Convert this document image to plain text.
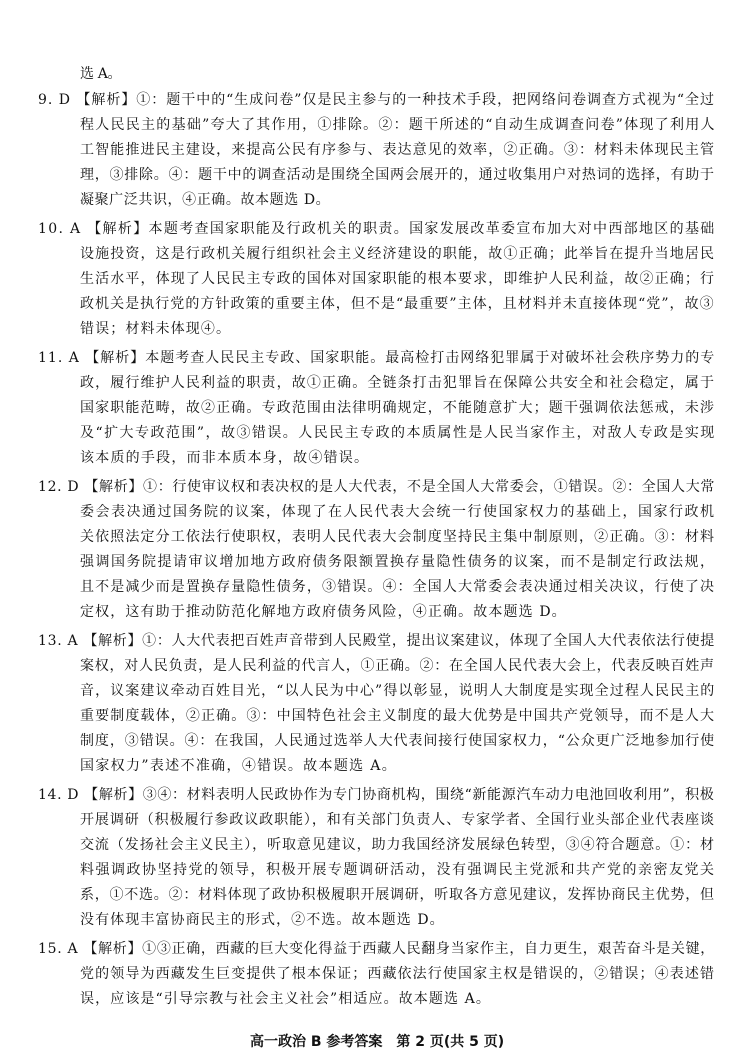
选 A。
9. D 【解析】①：题干中的“生成问卷”仅是民主参与的一种技术手段，把网络问卷调查方式视为“全过
程人民民主的基础”夸大了其作用，①排除。②：题干所述的“自动生成调查问卷”体现了利用人
工智能推进民主建设，来提高公民有序参与、表达意见的效率，②正确。③：材料未体现民主管
理，③排除。④：题干中的调查活动是围绕全国两会展开的，通过收集用户对热词的选择，有助于
凝聚广泛共识，④正确。故本题选 D。
10. A 【解析】本题考查国家职能及行政机关的职责。国家发展改革委宣布加大对中西部地区的基础
设施投资，这是行政机关履行组织社会主义经济建设的职能，故①正确；此举旨在提升当地居民
生活水平，体现了人民民主专政的国体对国家职能的根本要求，即维护人民利益，故②正确；行
政机关是执行党的方针政策的重要主体，但不是“最重要”主体，且材料并未直接体现“党”，故③
错误；材料未体现④。
11. A 【解析】本题考查人民民主专政、国家职能。最高检打击网络犯罪属于对破坏社会秩序势力的专
政，履行维护人民利益的职责，故①正确。全链条打击犯罪旨在保障公共安全和社会稳定，属于
国家职能范畴，故②正确。专政范围由法律明确规定，不能随意扩大；题干强调依法惩戒，未涉
及“扩大专政范围”，故③错误。人民民主专政的本质属性是人民当家作主，对敌人专政是实现
该本质的手段，而非本质本身，故④错误。
12. D 【解析】①：行使审议权和表决权的是人大代表，不是全国人大常委会，①错误。②：全国人大常
委会表决通过国务院的议案，体现了在人民代表大会统一行使国家权力的基础上，国家行政机
关依照法定分工依法行使职权，表明人民代表大会制度坚持民主集中制原则，②正确。③：材料
强调国务院提请审议增加地方政府债务限额置换存量隐性债务的议案，而不是制定行政法规，
且不是减少而是置换存量隐性债务，③错误。④：全国人大常委会表决通过相关决议，行使了决
定权，这有助于推动防范化解地方政府债务风险，④正确。故本题选 D。
13. A 【解析】①：人大代表把百姓声音带到人民殿堂，提出议案建议，体现了全国人大代表依法行使提
案权，对人民负责，是人民利益的代言人，①正确。②：在全国人民代表大会上，代表反映百姓声
音，议案建议牵动百姓目光，“以人民为中心”得以彰显，说明人大制度是实现全过程人民民主的
重要制度载体，②正确。③：中国特色社会主义制度的最大优势是中国共产党领导，而不是人大
制度，③错误。④：在我国，人民通过选举人大代表间接行使国家权力，“公众更广泛地参加行使
国家权力”表述不准确，④错误。故本题选 A。
14. D 【解析】③④：材料表明人民政协作为专门协商机构，围绕“新能源汽车动力电池回收利用”，积极
开展调研（积极履行参政议政职能），和有关部门负责人、专家学者、全国行业头部企业代表座谈
交流（发扬社会主义民主），听取意见建议，助力我国经济发展绿色转型，③④符合题意。①：材
料强调政协坚持党的领导，积极开展专题调研活动，没有强调民主党派和共产党的亲密友党关
系，①不选。②：材料体现了政协积极履职开展调研，听取各方意见建议，发挥协商民主优势，但
没有体现丰富协商民主的形式，②不选。故本题选 D。
15. A 【解析】①③正确，西藏的巨大变化得益于西藏人民翻身当家作主，自力更生，艰苦奋斗是关键，
党的领导为西藏发生巨变提供了根本保证；西藏依法行使国家主权是错误的，②错误；④表述错
误，应该是“引导宗教与社会主义社会”相适应。故本题选 A。
高一政治 B 参考答案　第 2 页(共 5 页)
